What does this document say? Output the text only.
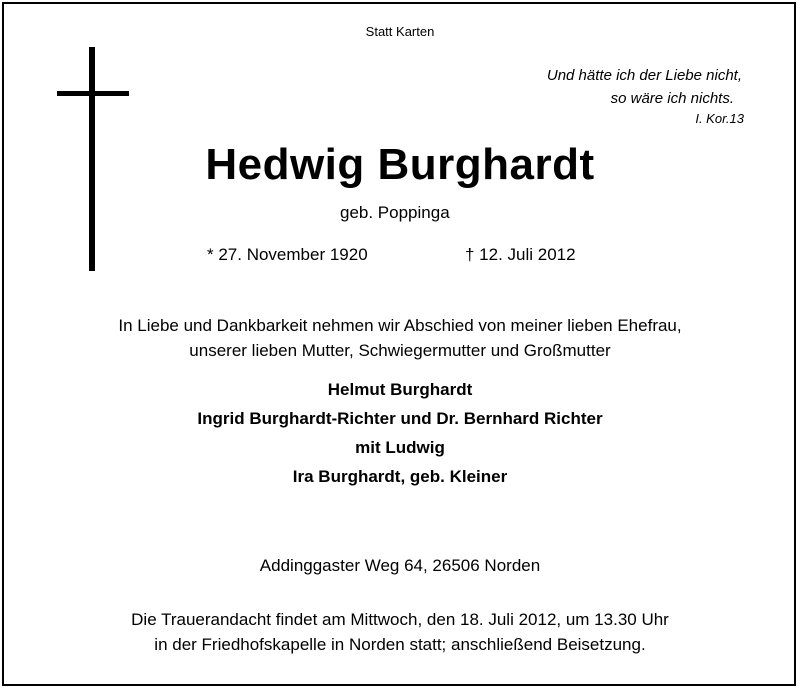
Statt Karten
Und hätte ich der Liebe nicht,
so wäre ich nichts.
I. Kor.13
Hedwig Burghardt
geb. Poppinga
* 27. November 1920	† 12. Juli 2012
In Liebe und Dankbarkeit nehmen wir Abschied von meiner lieben Ehefrau,
unserer lieben Mutter, Schwiegermutter und Großmutter
Helmut Burghardt
Ingrid Burghardt-Richter und Dr. Bernhard Richter
mit Ludwig
Ira Burghardt, geb. Kleiner
Addinggaster Weg 64, 26506 Norden
Die Trauerandacht findet am Mittwoch, den 18. Juli 2012, um 13.30 Uhr
in der Friedhofskapelle in Norden statt; anschließend Beisetzung.
